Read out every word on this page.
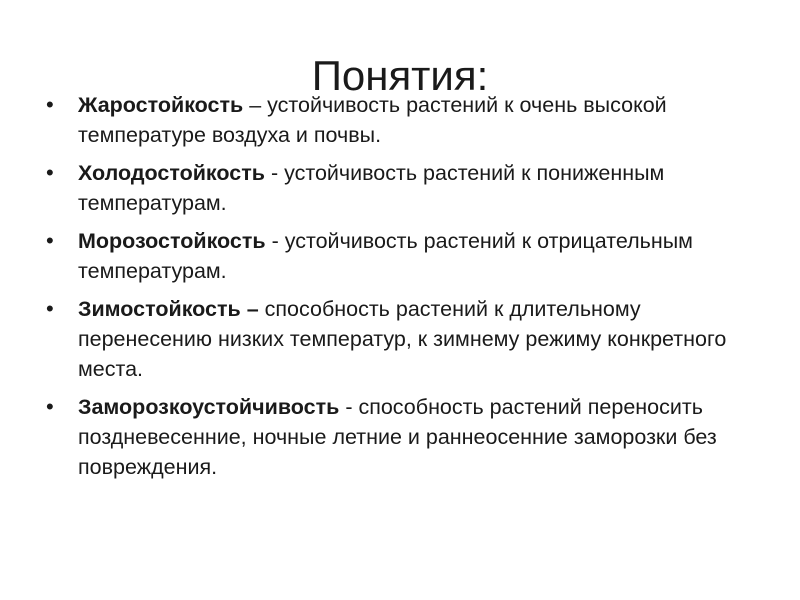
Понятия:
• Жаростойкость – устойчивость растений к очень высокой температуре воздуха и почвы.
• Холодостойкость - устойчивость растений к пониженным температурам.
• Морозостойкость - устойчивость растений к отрицательным температурам.
• Зимостойкость – способность растений к длительному перенесению низких температур, к зимнему режиму конкретного места.
• Заморозкоустойчивость - способность растений переносить поздневесенние, ночные летние и раннеосенние заморозки без повреждения.
